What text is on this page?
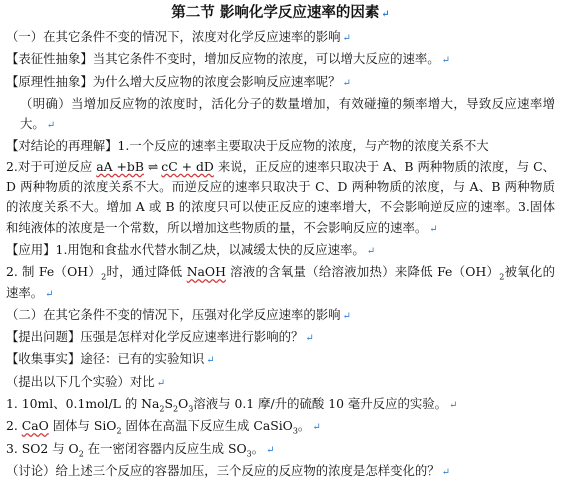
第二节 影响化学反应速率的因素 ↵
（一）在其它条件不变的情况下，浓度对化学反应速率的影响 ↵
【表征性抽象】当其它条件不变时，增加反应物的浓度，可以增大反应的速率。 ↵
【原理性抽象】为什么增大反应物的浓度会影响反应速率呢？ ↵
（明确）当增加反应物的浓度时，活化分子的数量增加，有效碰撞的频率增大，导致反应速率增大。 ↵
【对结论的再理解】1.一个反应的速率主要取决于反应物的浓度，与产物的浓度关系不大
2.对于可逆反应 aA +bB ⇌ cC + dD 来说，正反应的速率只取决于 A、B 两种物质的浓度，与 C、D 两种物质的浓度关系不大。而逆反应的速率只取决于 C、D 两种物质的浓度，与 A、B 两种物质的浓度关系不大。增加 A 或 B 的浓度只可以使正反应的速率增大，不会影响逆反应的速率。3.固体和纯液体的浓度是一个常数，所以增加这些物质的量，不会影响反应的速率。 ↵
【应用】1.用饱和食盐水代替水制乙炔，以减缓太快的反应速率。 ↵
2. 制 $Fe(OH)_2$时，通过降低 NaOH 溶液的含氧量（给溶液加热）来降低 $Fe(OH)_2$被氧化的速率。 ↵
（二）在其它条件不变的情况下，压强对化学反应速率的影响 ↵
【提出问题】压强是怎样对化学反应速率进行影响的？ ↵
【收集事实】途径：已有的实验知识 ↵
（提出以下几个实验）对比 ↵
1. 10ml、0.1mol/L 的 $Na_2S_2O_3$溶液与 0.1 摩/升的硫酸 10 毫升反应的实验。 ↵
2. CaO 固体与 SiO$_2$ 固体在高温下反应生成 CaSiO$_3$。 ↵
3. SO2 与 $O_2$ 在一密闭容器内反应生成 $SO_3$。 ↵
（讨论）给上述三个反应的容器加压，三个反应的反应物的浓度是怎样变化的？ ↵
